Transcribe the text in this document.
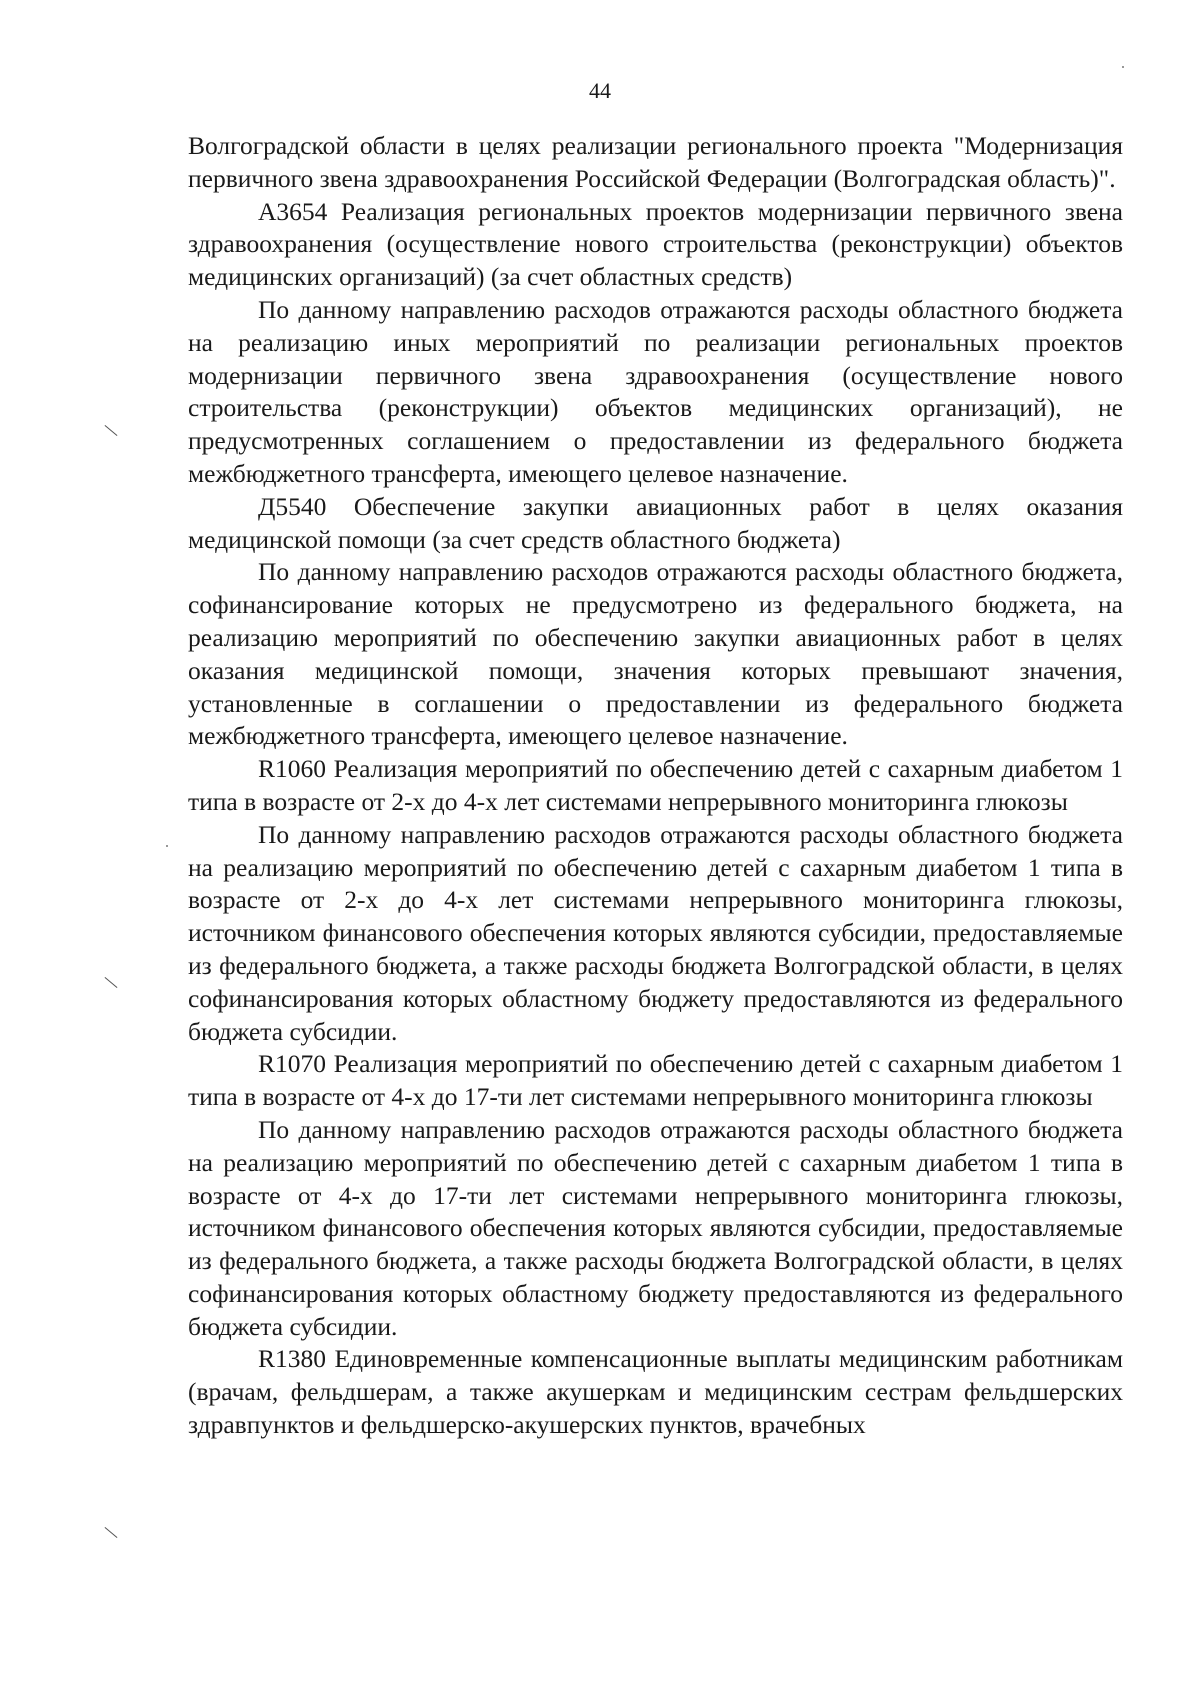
44

Волгоградской области в целях реализации регионального проекта "Модернизация первичного звена здравоохранения Российской Федерации (Волгоградская область)".

А3654 Реализация региональных проектов модернизации первичного звена здравоохранения (осуществление нового строительства (реконструкции) объектов медицинских организаций) (за счет областных средств)

По данному направлению расходов отражаются расходы областного бюджета на реализацию иных мероприятий по реализации региональных проектов модернизации первичного звена здравоохранения (осуществление нового строительства (реконструкции) объектов медицинских организаций), не предусмотренных соглашением о предоставлении из федерального бюджета межбюджетного трансферта, имеющего целевое назначение.

Д5540 Обеспечение закупки авиационных работ в целях оказания медицинской помощи (за счет средств областного бюджета)

По данному направлению расходов отражаются расходы областного бюджета, софинансирование которых не предусмотрено из федерального бюджета, на реализацию мероприятий по обеспечению закупки авиационных работ в целях оказания медицинской помощи, значения которых превышают значения, установленные в соглашении о предоставлении из федерального бюджета межбюджетного трансферта, имеющего целевое назначение.

R1060 Реализация мероприятий по обеспечению детей с сахарным диабетом 1 типа в возрасте от 2-х до 4-х лет системами непрерывного мониторинга глюкозы

По данному направлению расходов отражаются расходы областного бюджета на реализацию мероприятий по обеспечению детей с сахарным диабетом 1 типа в возрасте от 2-х до 4-х лет системами непрерывного мониторинга глюкозы, источником финансового обеспечения которых являются субсидии, предоставляемые из федерального бюджета, а также расходы бюджета Волгоградской области, в целях софинансирования которых областному бюджету предоставляются из федерального бюджета субсидии.

R1070 Реализация мероприятий по обеспечению детей с сахарным диабетом 1 типа в возрасте от 4-х до 17-ти лет системами непрерывного мониторинга глюкозы

По данному направлению расходов отражаются расходы областного бюджета на реализацию мероприятий по обеспечению детей с сахарным диабетом 1 типа в возрасте от 4-х до 17-ти лет системами непрерывного мониторинга глюкозы, источником финансового обеспечения которых являются субсидии, предоставляемые из федерального бюджета, а также расходы бюджета Волгоградской области, в целях софинансирования которых областному бюджету предоставляются из федерального бюджета субсидии.

R1380 Единовременные компенсационные выплаты медицинским работникам (врачам, фельдшерам, а также акушеркам и медицинским сестрам фельдшерских здравпунктов и фельдшерско-акушерских пунктов, врачебных
